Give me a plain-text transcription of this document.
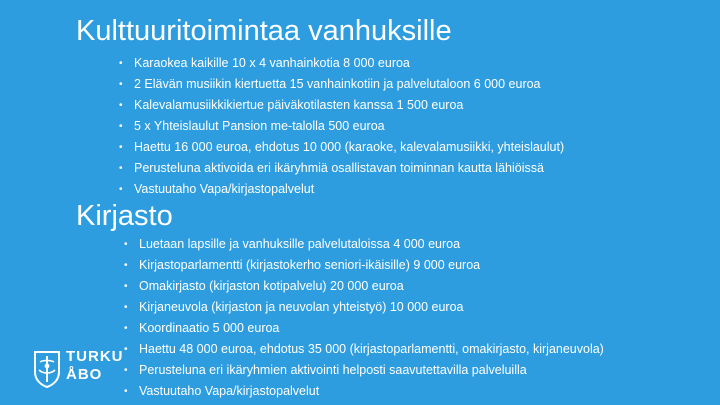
Kulttuuritoimintaa vanhuksille
• Karaokea kaikille 10 x 4 vanhainkotia 8 000 euroa
• 2 Elävän musiikin kiertuetta 15 vanhainkotiin ja palvelutaloon 6 000 euroa
• Kalevalamusiikkikiertue päiväkotilasten kanssa 1 500 euroa
• 5 x Yhteislaulut Pansion me-talolla 500 euroa
• Haettu 16 000 euroa, ehdotus 10 000 (karaoke, kalevalamusiikki, yhteislaulut)
• Perusteluna aktivoida eri ikäryhmiä osallistavan toiminnan kautta lähiöissä
• Vastuutaho Vapa/kirjastopalvelut
Kirjasto
• Luetaan lapsille ja vanhuksille palvelutaloissa 4 000 euroa
• Kirjastoparlamentti (kirjastokerho seniori-ikäisille) 9 000 euroa
• Omakirjasto (kirjaston kotipalvelu) 20 000 euroa
• Kirjaneuvola (kirjaston ja neuvolan yhteistyö) 10 000 euroa
• Koordinaatio 5 000 euroa
• Haettu 48 000 euroa, ehdotus 35 000 (kirjastoparlamentti, omakirjasto, kirjaneuvola)
• Perusteluna eri ikäryhmien aktivointi helposti saavutettavilla palveluilla
• Vastuutaho Vapa/kirjastopalvelut
TURKU
ÅBO
